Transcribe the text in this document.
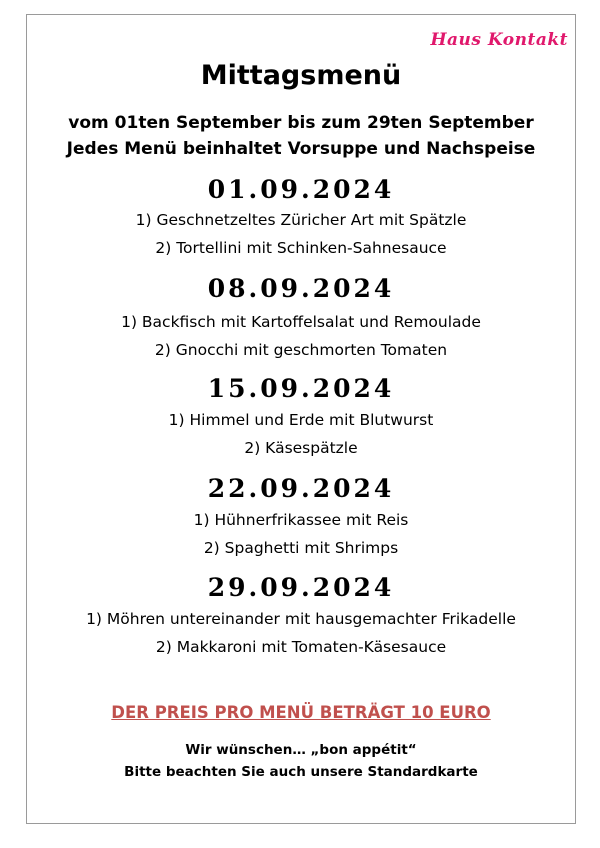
Haus Kontakt
Mittagsmenü
vom 01ten September bis zum 29ten September
Jedes Menü beinhaltet Vorsuppe und Nachspeise
01.09.2024
1) Geschnetzeltes Züricher Art mit Spätzle
2) Tortellini mit Schinken-Sahnesauce
08.09.2024
1) Backfisch mit Kartoffelsalat und Remoulade
2) Gnocchi mit geschmorten Tomaten
15.09.2024
1) Himmel und Erde mit Blutwurst
2) Käsespätzle
22.09.2024
1) Hühnerfrikassee mit Reis
2) Spaghetti mit Shrimps
29.09.2024
1) Möhren untereinander mit hausgemachter Frikadelle
2) Makkaroni mit Tomaten-Käsesauce
DER PREIS PRO MENÜ BETRÄGT 10 EURO
Wir wünschen… „bon appétit“
Bitte beachten Sie auch unsere Standardkarte
